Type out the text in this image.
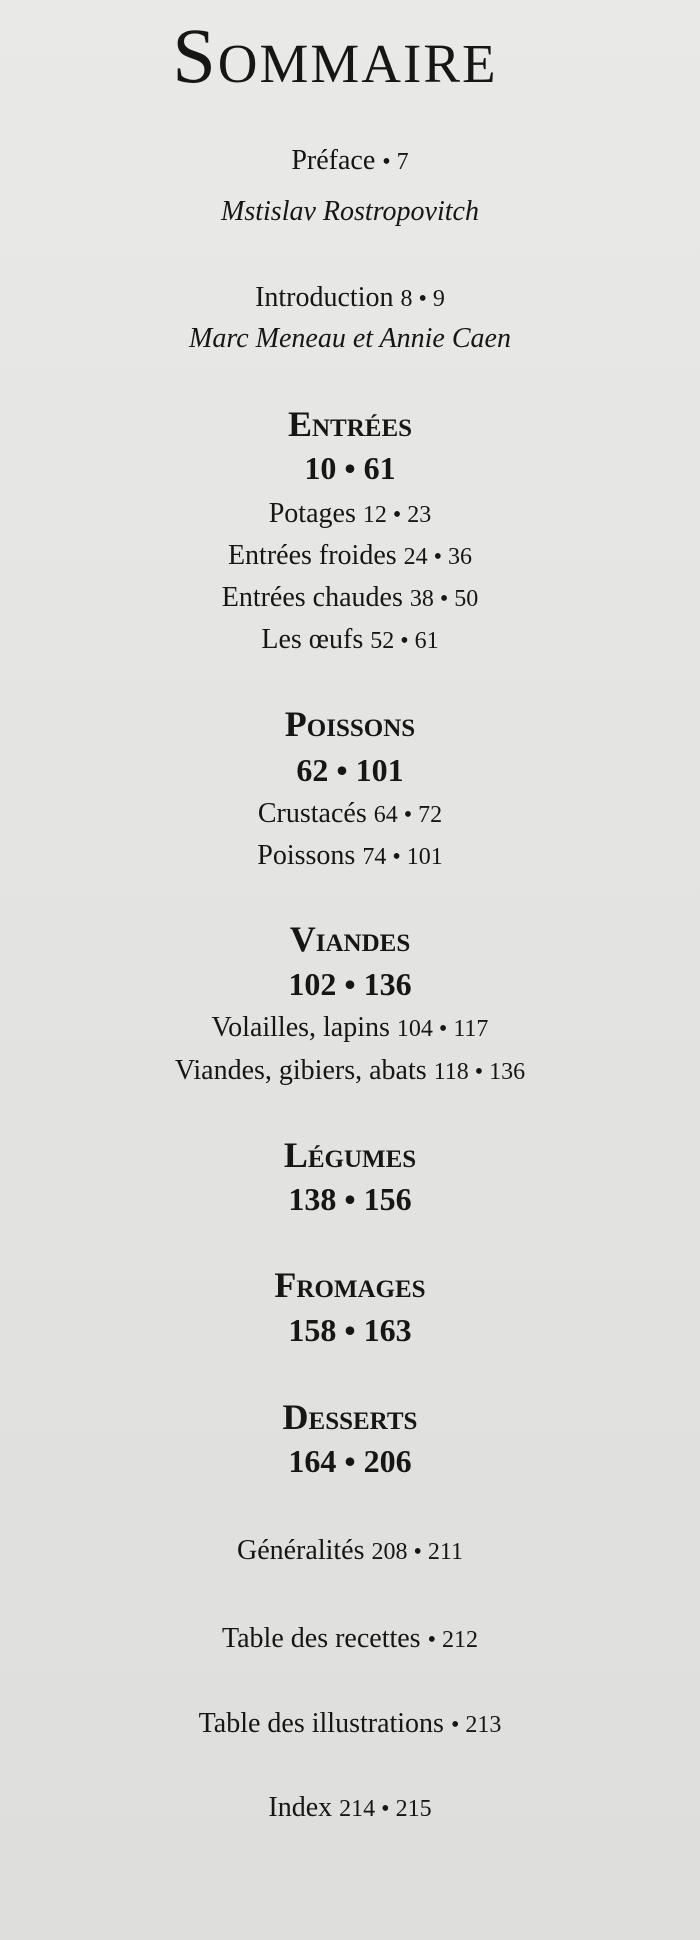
Sommaire
Préface • 7
Mstislav Rostropovitch
Introduction 8 • 9
Marc Meneau et Annie Caen
Entrées
10 • 61
Potages 12 • 23
Entrées froides 24 • 36
Entrées chaudes 38 • 50
Les œufs 52 • 61
Poissons
62 • 101
Crustacés 64 • 72
Poissons 74 • 101
Viandes
102 • 136
Volailles, lapins 104 • 117
Viandes, gibiers, abats 118 • 136
Légumes
138 • 156
Fromages
158 • 163
Desserts
164 • 206
Généralités 208 • 211
Table des recettes • 212
Table des illustrations • 213
Index 214 • 215
